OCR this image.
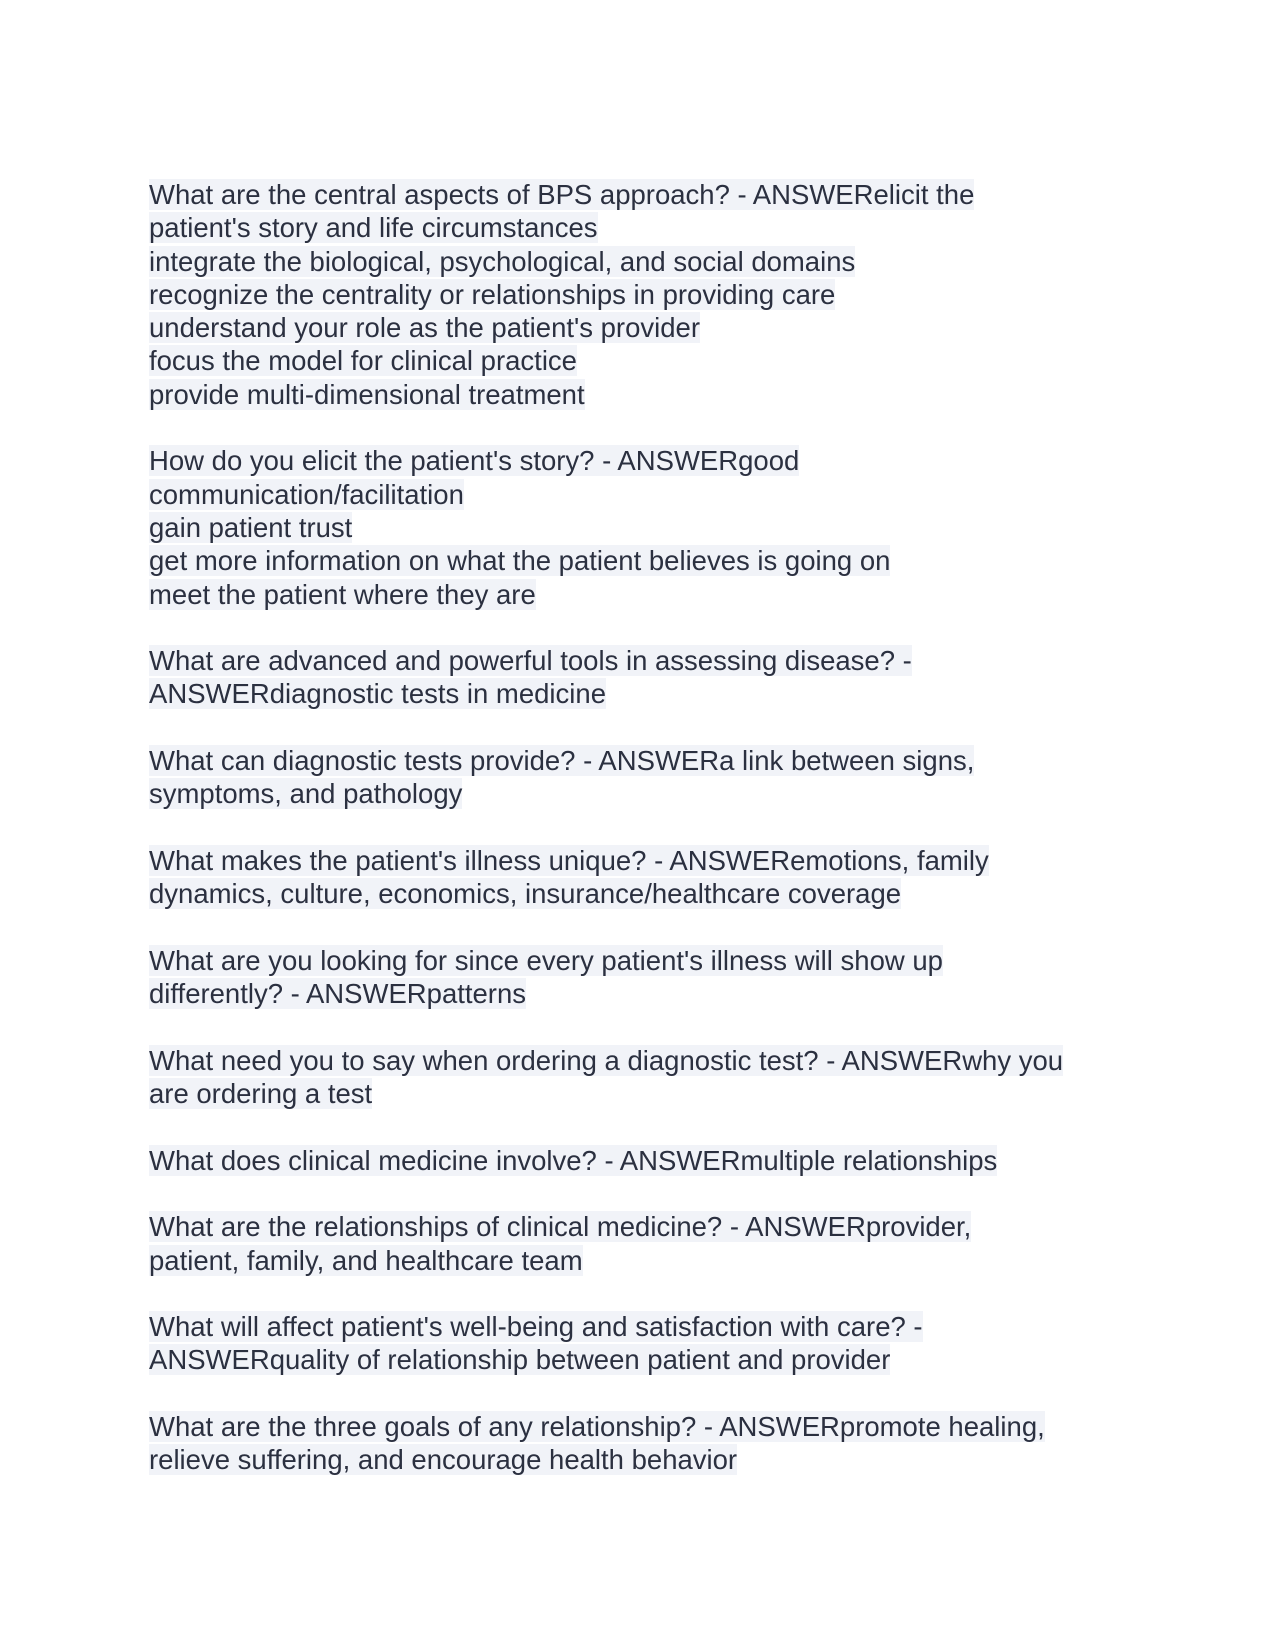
What are the central aspects of BPS approach? - ANSWERelicit the
patient's story and life circumstances
integrate the biological, psychological, and social domains
recognize the centrality or relationships in providing care
understand your role as the patient's provider
focus the model for clinical practice
provide multi-dimensional treatment
How do you elicit the patient's story? - ANSWERgood
communication/facilitation
gain patient trust
get more information on what the patient believes is going on
meet the patient where they are
What are advanced and powerful tools in assessing disease? -
ANSWERdiagnostic tests in medicine
What can diagnostic tests provide? - ANSWERa link between signs,
symptoms, and pathology
What makes the patient's illness unique? - ANSWERemotions, family
dynamics, culture, economics, insurance/healthcare coverage
What are you looking for since every patient's illness will show up
differently? - ANSWERpatterns
What need you to say when ordering a diagnostic test? - ANSWERwhy you
are ordering a test
What does clinical medicine involve? - ANSWERmultiple relationships
What are the relationships of clinical medicine? - ANSWERprovider,
patient, family, and healthcare team
What will affect patient's well-being and satisfaction with care? -
ANSWERquality of relationship between patient and provider
What are the three goals of any relationship? - ANSWERpromote healing,
relieve suffering, and encourage health behavior
